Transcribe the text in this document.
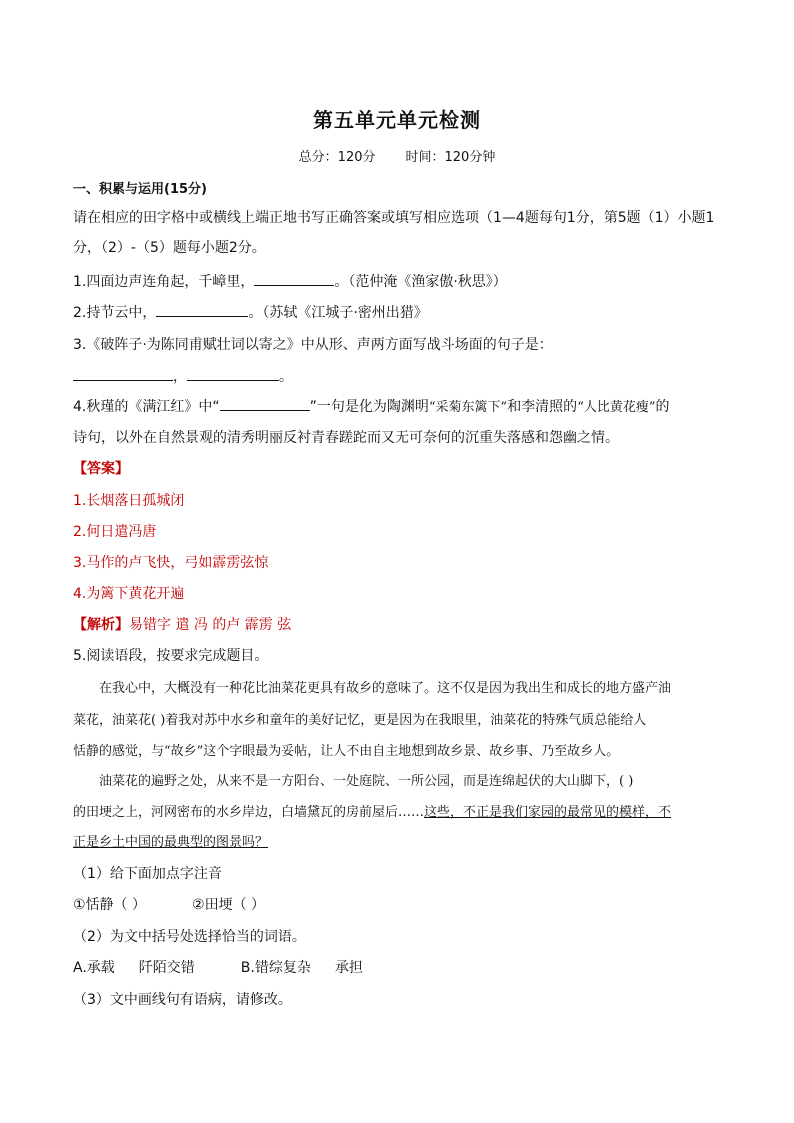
第五单元单元检测
总分：120分 时间：120分钟
一、积累与运用(15分)
请在相应的田字格中或横线上端正地书写正确答案或填写相应选项（1—4题每句1分，第5题（1）小题1
分，（2）-（5）题每小题2分。
1.四面边声连角起，千嶂里，	。（范仲淹《渔家傲·秋思》）
2.持节云中，	。（苏轼《江城子·密州出猎》
3.《破阵子·为陈同甫赋壮词以寄之》中从形、声两方面写战斗场面的句子是：
，	。
4.秋瑾的《满江红》中“	”一句是化为陶渊明“采菊东篱下”和李清照的“人比黄花瘦”的
诗句，以外在自然景观的清秀明丽反衬青春蹉跎而又无可奈何的沉重失落感和怨幽之情。
【答案】
1.长烟落日孤城闭
2.何日遣冯唐
3.马作的卢飞快，弓如霹雳弦惊
4.为篱下黄花开遍
【解析】易错字 遣 冯 的卢 霹雳 弦
5.阅读语段，按要求完成题目。
在我心中，大概没有一种花比油菜花更具有故乡的意味了。这不仅是因为我出生和成长的地方盛产油
菜花，油菜花( )着我对苏中水乡和童年的美好记忆，更是因为在我眼里，油菜花的特殊气质总能给人
恬静的感觉，与“故乡”这个字眼最为妥帖，让人不由自主地想到故乡景、故乡事、乃至故乡人。
油菜花的遍野之处，从来不是一方阳台、一处庭院、一所公园，而是连绵起伏的大山脚下，( )
的田埂之上，河网密布的水乡岸边，白墙黛瓦的房前屋后……这些，不正是我们家园的最常见的模样，不
正是乡土中国的最典型的图景吗？
（1）给下面加点字注音
①恬静（ ）	②田埂（ ）
（2）为文中括号处选择恰当的词语。
A.承载 阡陌交错	B.错综复杂 承担
（3）文中画线句有语病，请修改。
